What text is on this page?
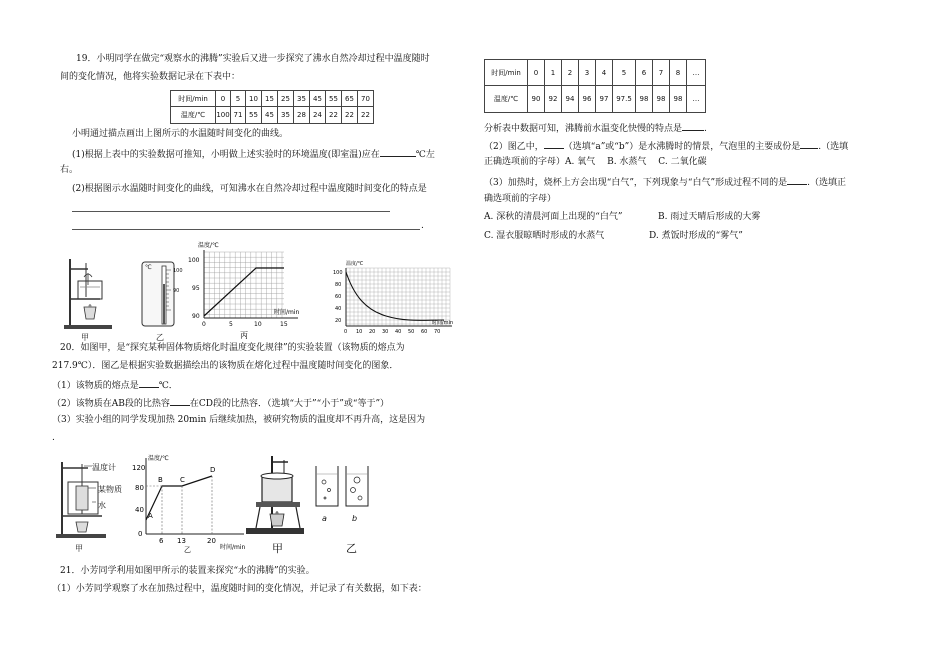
19．小明同学在做完“观察水的沸腾”实验后又进一步探究了沸水自然冷却过程中温度随时
间的变化情况，他将实验数据记录在下表中：
时间/min	0	5	10	15	25	35	45	55	65	70
温度/℃	100	71	55	45	35	28	24	22	22	22
小明通过描点画出上图所示的水温随时间变化的曲线。
(1)根据上表中的实验数据可推知，小明做上述实验时的环境温度(即室温)应在	℃左
右。
(2)根据图示水温随时间变化的曲线，可知沸水在自然冷却过程中温度随时间变化的特点是
.
甲
℃	100
90
乙
温度/℃
时间/min
100
95
90
0	5	10	15
丙
温度/℃
时间/min
100
80
60
40
20
0 10 20 30 40 50 60 70
20．如图甲，是“探究某种固体物质熔化时温度变化规律”的实验装置（该物质的熔点为
217.9℃）．图乙是根据实验数据描绘出的该物质在熔化过程中温度随时间变化的图象．
（1）该物质的熔点是 ℃．
（2）该物质在AB段的比热容 在CD段的比热容．（选填“大于”“小于”或“等于”）
（3）实验小组的同学发现加热 20min 后继续加热，被研究物质的温度却不再升高，这是因为
.
温度计
某物质
水
甲
温度/℃
时间/min
120
80
40
0
6 13	20
A
B C
D
乙	甲
a	b
乙
21．小芳同学利用如图甲所示的装置来探究“水的沸腾”的实验。
（1）小芳同学观察了水在加热过程中，温度随时间的变化情况，并记录了有关数据，如下表：
时间/min	0	1	2	3	4	5	6	7	8	…
温度/℃	90	92	94	96	97	97.5	98	98	98	…
分析表中数据可知，沸腾前水温变化快慢的特点是 .
（2）图乙中， （选填“a”或“b”）是水沸腾时的情景，气泡里的主要成份是 .（选填
正确选项前的字母）A. 氧气　 B. 水蒸气　 C. 二氧化碳
（3）加热时，烧杯上方会出现“白气”，下列现象与“白气”形成过程不同的是 .（选填正
确选项前的字母）
A. 深秋的清晨河面上出现的“白气”	B. 雨过天晴后形成的大雾
C. 湿衣服晾晒时形成的水蒸气	D. 煮饭时形成的“雾气”
